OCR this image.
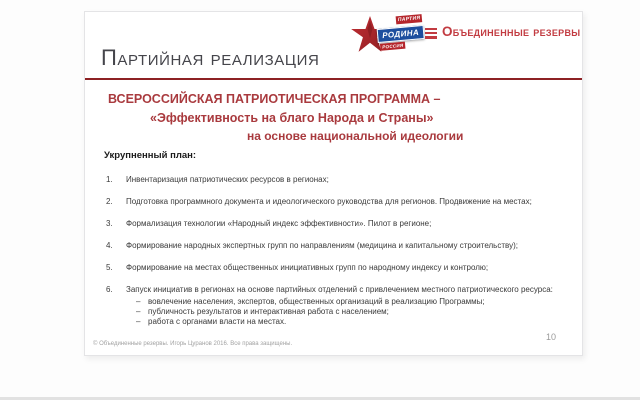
ПАРТИЯ
РОДИНА
РОССИЯ
Объединенные резервы
Партийная реализация
ВСЕРОССИЙСКАЯ ПАТРИОТИЧЕСКАЯ ПРОГРАММА –
«Эффективность на благо Народа и Страны»
на основе национальной идеологии
Укрупненный план:
1.	Инвентаризация патриотических ресурсов в регионах;
2.	Подготовка программного документа и идеологического руководства для регионов. Продвижение на местах;
3.	Формализация технологии «Народный индекс эффективности». Пилот в регионе;
4.	Формирование народных экспертных групп по направлениям (медицина и капитальному строительству);
5.	Формирование на местах общественных инициативных групп по народному индексу и контролю;
6.	Запуск инициатив в регионах на основе партийных отделений с привлечением местного патриотического ресурса:
– вовлечение населения, экспертов, общественных организаций в реализацию Программы;
– публичность результатов и интерактивная работа с населением;
– работа с органами власти на местах.
© Объединенные резервы. Игорь Цуранов 2016. Все права защищены.
10
